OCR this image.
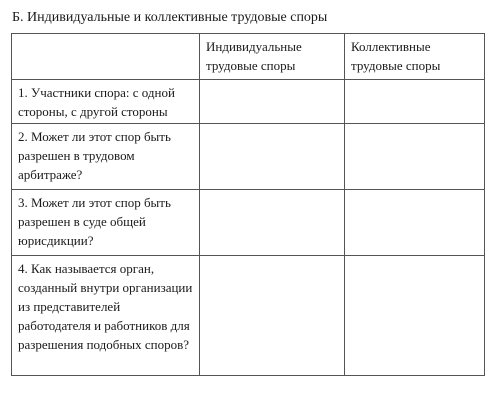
Б. Индивидуальные и коллективные трудовые споры
	Индивидуальные трудовые споры	Коллективные трудовые споры
1. Участники спора: с одной стороны, с другой стороны		
2. Может ли этот спор быть разрешен в трудовом арбитраже?		
3. Может ли этот спор быть разрешен в суде общей юрисдикции?		
4. Как называется орган, созданный внутри организации из представителей работодателя и работников для разрешения подобных споров?		
